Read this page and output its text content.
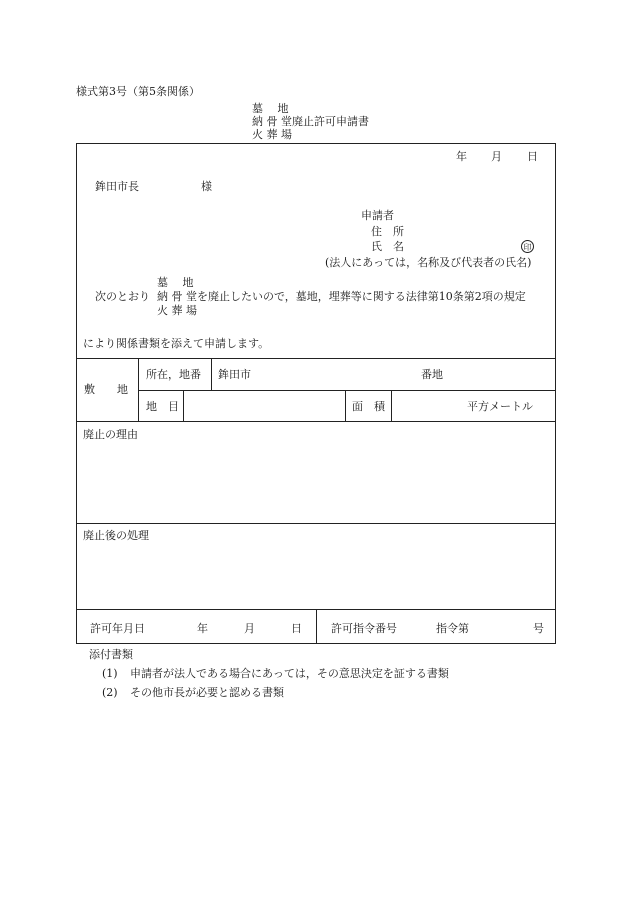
様式第3号（第5条関係）
墓　 地
納 骨 堂廃止許可申請書
火 葬 場
年 月 日
鉾田市長	様
申請者
住　所
氏　名	印
(法人にあっては，名称及び代表者の氏名)
墓　 地
次のとおり 納 骨 堂を廃止したいので，墓地，埋葬等に関する法律第10条第2項の規定
火 葬 場
により関係書類を添えて申請します。
敷　　地
所在，地番 鉾田市	番地
地　目	面　積	平方メートル
廃止の理由
廃止後の処理
許可年月日	年	月	日	許可指令番号	指令第	号
添付書類
(1) 申請者が法人である場合にあっては，その意思決定を証する書類
(2) その他市長が必要と認める書類
